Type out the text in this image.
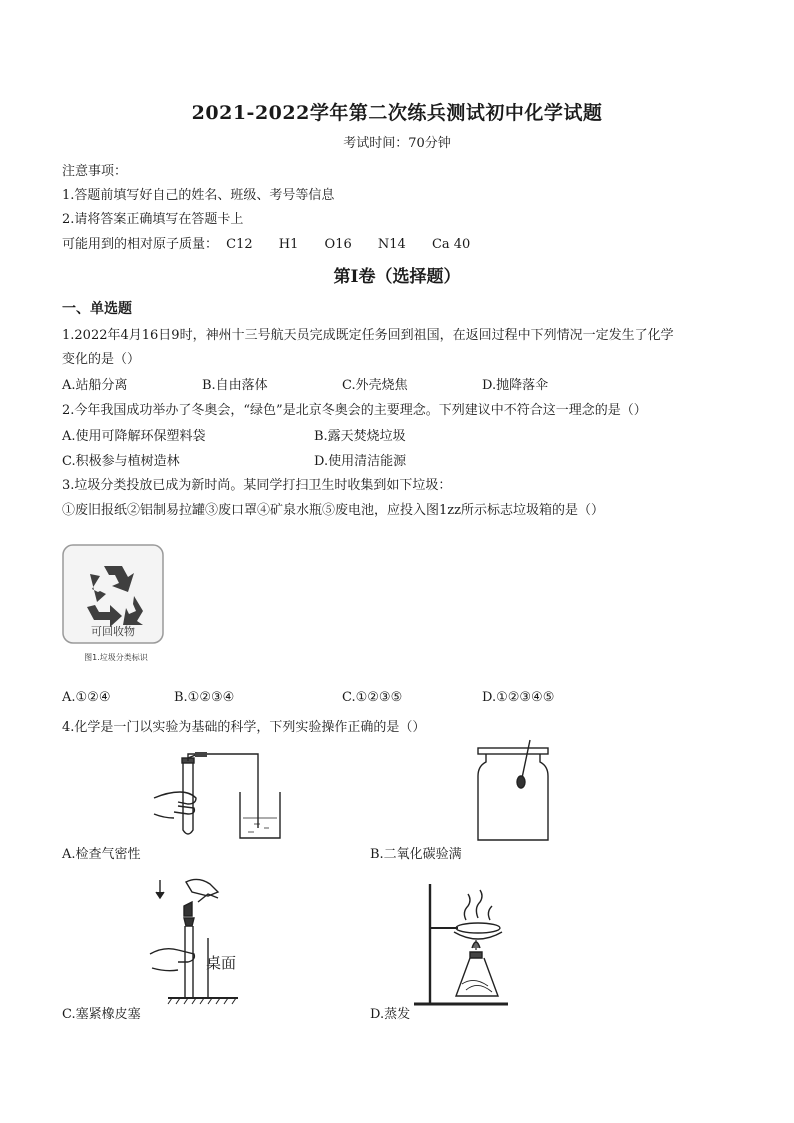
2021-2022学年第二次练兵测试初中化学试题
考试时间：70分钟
注意事项：
1.答题前填写好自己的姓名、班级、考号等信息
2.请将答案正确填写在答题卡上
可能用到的相对原子质量： C12 H1 O16 N14 Ca 40
第I卷（选择题）
一、单选题
1.2022年4月16日9时，神州十三号航天员完成既定任务回到祖国，在返回过程中下列情况一定发生了化学
变化的是（）
A.站船分离	B.自由落体	C.外壳烧焦	D.抛降落伞
2.今年我国成功举办了冬奥会，“绿色”是北京冬奥会的主要理念。下列建议中不符合这一理念的是（）
A.使用可降解环保塑料袋	B.露天焚烧垃圾
C.积极参与植树造林	D.使用清洁能源
3.垃圾分类投放已成为新时尚。某同学打扫卫生时收集到如下垃圾：
①废旧报纸②铝制易拉罐③废口罩④矿泉水瓶⑤废电池，应投入图1zz所示标志垃圾箱的是（）
可回收物
图1.垃圾分类标识
A.①②④	B.①②③④	C.①②③⑤	D.①②③④⑤
4.化学是一门以实验为基础的科学，下列实验操作正确的是（）
A.检查气密性	B.二氧化碳验满
桌面
C.塞紧橡皮塞	D.蒸发
